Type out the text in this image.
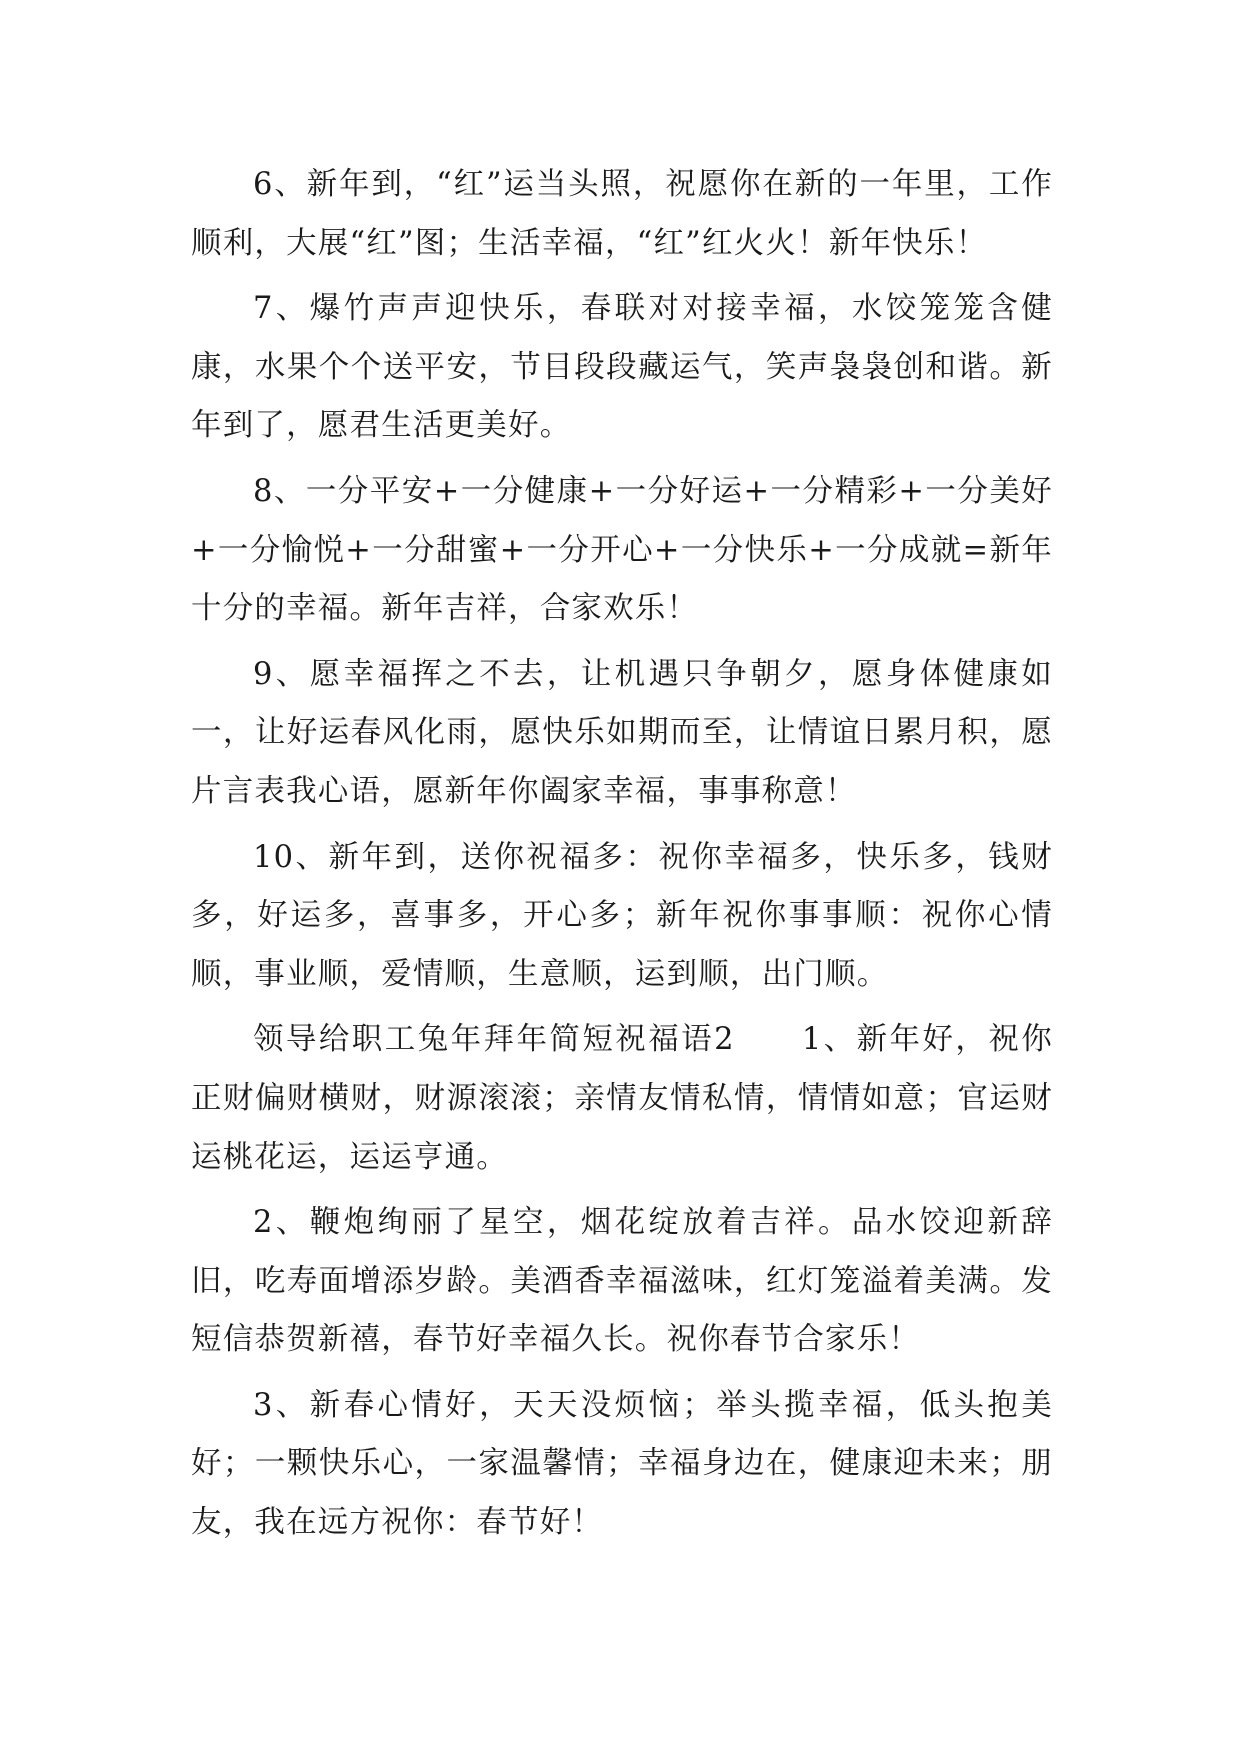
6、新年到，“红”运当头照，祝愿你在新的一年里，工作顺利，大展“红”图；生活幸福，“红”红火火！新年快乐！

7、爆竹声声迎快乐，春联对对接幸福，水饺笼笼含健康，水果个个送平安，节目段段藏运气，笑声袅袅创和谐。新年到了，愿君生活更美好。

8、一分平安+一分健康+一分好运+一分精彩+一分美好+一分愉悦+一分甜蜜+一分开心+一分快乐+一分成就=新年十分的幸福。新年吉祥，合家欢乐！

9、愿幸福挥之不去，让机遇只争朝夕，愿身体健康如一，让好运春风化雨，愿快乐如期而至，让情谊日累月积，愿片言表我心语，愿新年你阖家幸福，事事称意！

10、新年到，送你祝福多：祝你幸福多，快乐多，钱财多，好运多，喜事多，开心多；新年祝你事事顺：祝你心情顺，事业顺，爱情顺，生意顺，运到顺，出门顺。

领导给职工兔年拜年简短祝福语2　　1、新年好，祝你正财偏财横财，财源滚滚；亲情友情私情，情情如意；官运财运桃花运，运运亨通。

2、鞭炮绚丽了星空，烟花绽放着吉祥。品水饺迎新辞旧，吃寿面增添岁龄。美酒香幸福滋味，红灯笼溢着美满。发短信恭贺新禧，春节好幸福久长。祝你春节合家乐！

3、新春心情好，天天没烦恼；举头揽幸福，低头抱美好；一颗快乐心，一家温馨情；幸福身边在，健康迎未来；朋友，我在远方祝你：春节好！
